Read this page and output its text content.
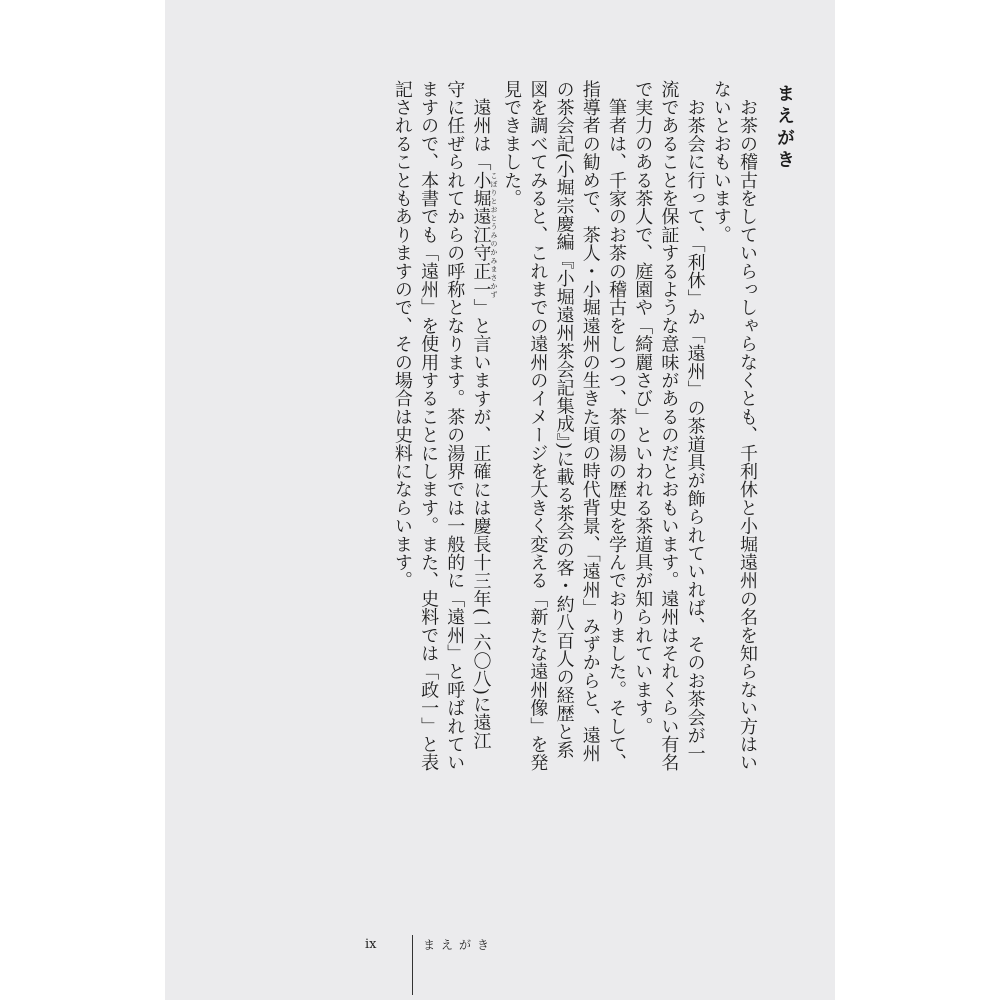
まえがき

お茶の稽古をしていらっしゃらなくとも、千利休と小堀遠州の名を知らない方はい
ないとおもいます。

お茶会に行って、「利休」か「遠州」の茶道具が飾られていれば、そのお茶会が一
流であることを保証するような意味があるのだとおもいます。遠州はそれくらい有名
で実力のある茶人で、庭園や「綺麗さび」といわれる茶道具が知られています。

筆者は、千家のお茶の稽古をしつつ、茶の湯の歴史を学んでおりました。そして、
指導者の勧めで、茶人・小堀遠州の生きた頃の時代背景、「遠州」みずからと、遠州
の茶会記(小堀宗慶編『小堀遠州茶会記集成』)に載る茶会の客・約八百人の経歴と系
図を調べてみると、これまでの遠州のイメージを大きく変える「新たな遠州像」を発
見できました。

遠州は「小堀遠江守正一こぼりとおとうみのかみまさかず」と言いますが、正確には慶長十三年(一六〇八)に遠江
守に任ぜられてからの呼称となります。茶の湯界では一般的に「遠州」と呼ばれてい
ますので、本書でも「遠州」を使用することにします。また、史料では「政一」と表
記されることもありますので、その場合は史料にならいます。

ix	まえがき
